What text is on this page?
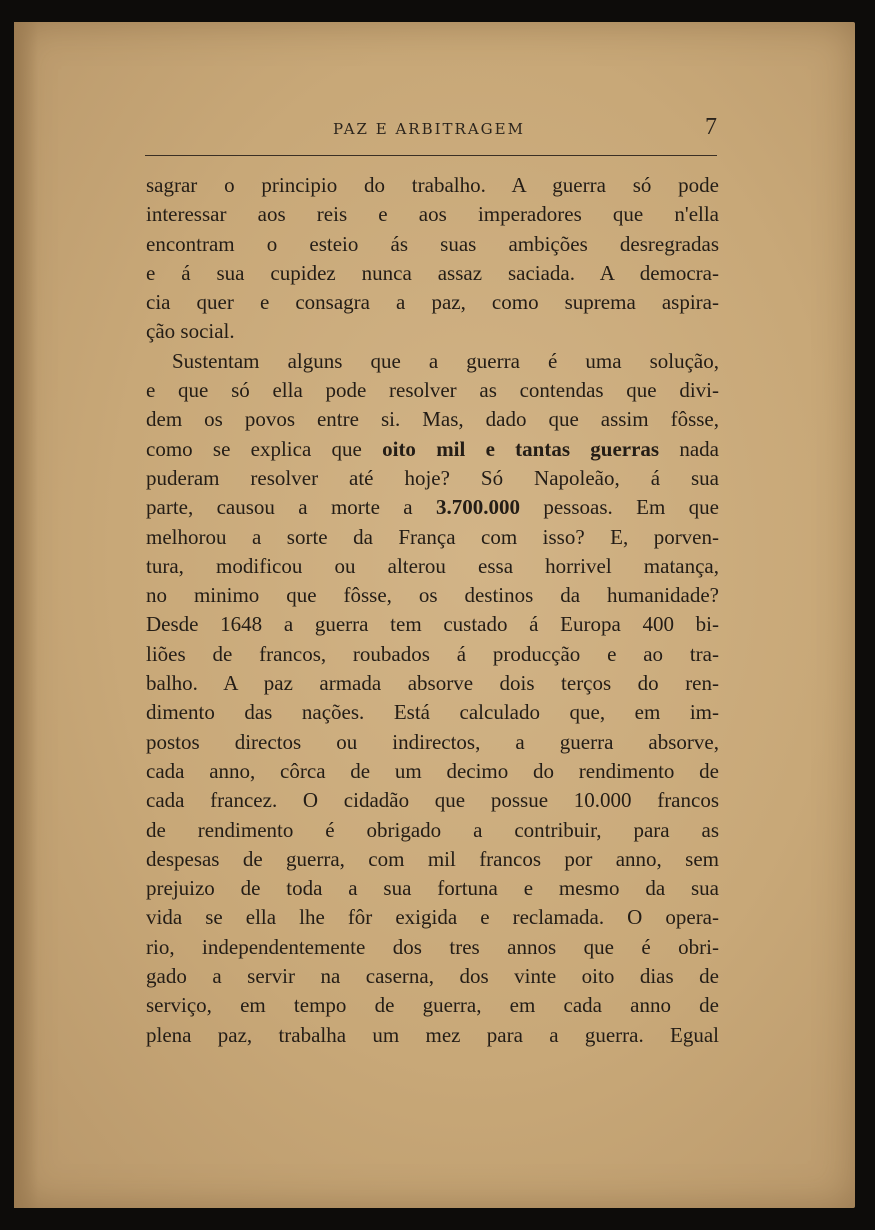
PAZ E ARBITRAGEM	7
sagrar o principio do trabalho. A guerra só pode
interessar aos reis e aos imperadores que n'ella
encontram o esteio ás suas ambições desregradas
e á sua cupidez nunca assaz saciada. A democra-
cia quer e consagra a paz, como suprema aspira-
ção social.
Sustentam alguns que a guerra é uma solução,
e que só ella pode resolver as contendas que divi-
dem os povos entre si. Mas, dado que assim fôsse,
como se explica que oito mil e tantas guerras nada
puderam resolver até hoje? Só Napoleão, á sua
parte, causou a morte a 3.700.000 pessoas. Em que
melhorou a sorte da França com isso? E, porven-
tura, modificou ou alterou essa horrivel matança,
no minimo que fôsse, os destinos da humanidade?
Desde 1648 a guerra tem custado á Europa 400 bi-
liões de francos, roubados á producção e ao tra-
balho. A paz armada absorve dois terços do ren-
dimento das nações. Está calculado que, em im-
postos directos ou indirectos, a guerra absorve,
cada anno, côrca de um decimo do rendimento de
cada francez. O cidadão que possue 10.000 francos
de rendimento é obrigado a contribuir, para as
despesas de guerra, com mil francos por anno, sem
prejuizo de toda a sua fortuna e mesmo da sua
vida se ella lhe fôr exigida e reclamada. O opera-
rio, independentemente dos tres annos que é obri-
gado a servir na caserna, dos vinte oito dias de
serviço, em tempo de guerra, em cada anno de
plena paz, trabalha um mez para a guerra. Egual
